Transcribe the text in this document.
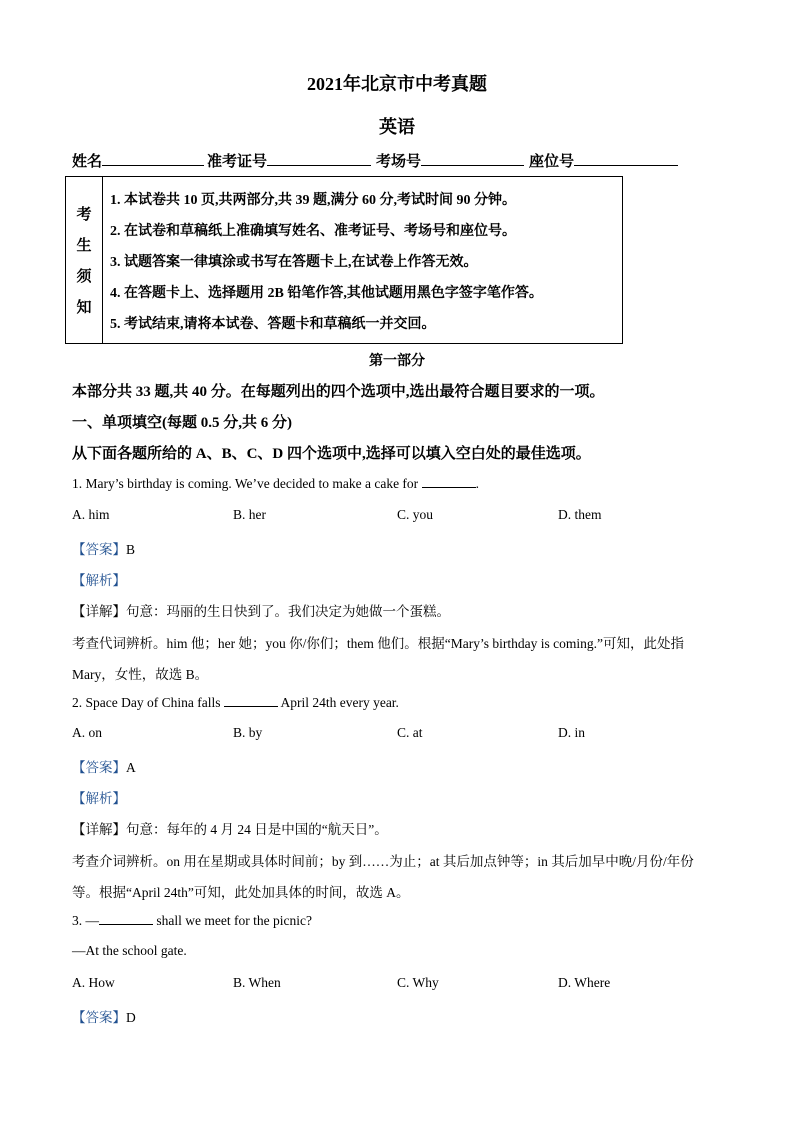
2021年北京市中考真题
英语
姓名	准考证号	考场号	座位号
考
生
须
知
1. 本试卷共 10 页,共两部分,共 39 题,满分 60 分,考试时间 90 分钟。
2. 在试卷和草稿纸上准确填写姓名、准考证号、考场号和座位号。
3. 试题答案一律填涂或书写在答题卡上,在试卷上作答无效。
4. 在答题卡上、选择题用 2B 铅笔作答,其他试题用黑色字签字笔作答。
5. 考试结束,请将本试卷、答题卡和草稿纸一并交回。
第一部分
本部分共 33 题,共 40 分。在每题列出的四个选项中,选出最符合题目要求的一项。
一、单项填空(每题 0.5 分,共 6 分)
从下面各题所给的 A、B、C、D 四个选项中,选择可以填入空白处的最佳选项。
1. Mary’s birthday is coming. We’ve decided to make a cake for	.
A. him	B. her	C. you	D. them
【答案】B
【解析】
【详解】句意：玛丽的生日快到了。我们决定为她做一个蛋糕。
考查代词辨析。him 他；her 她；you 你/你们；them 他们。根据“Mary’s birthday is coming.”可知，此处指
Mary，女性，故选 B。
2. Space Day of China falls	April 24th every year.
A. on	B. by	C. at	D. in
【答案】A
【解析】
【详解】句意：每年的 4 月 24 日是中国的“航天日”。
考查介词辨析。on 用在星期或具体时间前；by 到……为止；at 其后加点钟等；in 其后加早中晚/月份/年份
等。根据“April 24th”可知，此处加具体的时间，故选 A。
3. —	shall we meet for the picnic?
—At the school gate.
A. How	B. When	C. Why	D. Where
【答案】D
